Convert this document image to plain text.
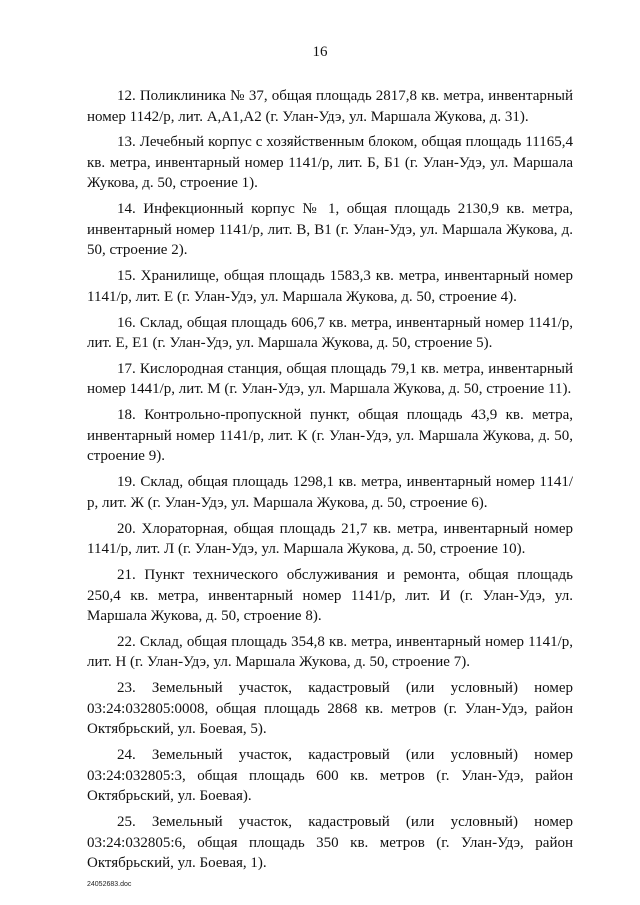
16

12. Поликлиника № 37, общая площадь 2817,8 кв. метра, инвентарный номер 1142/р, лит. А,А1,А2 (г. Улан-Удэ, ул. Маршала Жукова, д. 31).

13. Лечебный корпус с хозяйственным блоком, общая площадь 11165,4 кв. метра, инвентарный номер 1141/р, лит. Б, Б1 (г. Улан-Удэ, ул. Маршала Жукова, д. 50, строение 1).

14. Инфекционный корпус № 1, общая площадь 2130,9 кв. метра, инвентарный номер 1141/р, лит. В, В1 (г. Улан-Удэ, ул. Маршала Жукова, д. 50, строение 2).

15. Хранилище, общая площадь 1583,3 кв. метра, инвентарный номер 1141/р, лит. Е (г. Улан-Удэ, ул. Маршала Жукова, д. 50, строение 4).

16. Склад, общая площадь 606,7 кв. метра, инвентарный номер 1141/р, лит. Е, Е1 (г. Улан-Удэ, ул. Маршала Жукова, д. 50, строение 5).

17. Кислородная станция, общая площадь 79,1 кв. метра, инвентарный номер 1441/р, лит. М (г. Улан-Удэ, ул. Маршала Жукова, д. 50, строение 11).

18. Контрольно-пропускной пункт, общая площадь 43,9 кв. метра, инвентарный номер 1141/р, лит. К (г. Улан-Удэ, ул. Маршала Жукова, д. 50, строение 9).

19. Склад, общая площадь 1298,1 кв. метра, инвентарный номер 1141/р, лит. Ж (г. Улан-Удэ, ул. Маршала Жукова, д. 50, строение 6).

20. Хлораторная, общая площадь 21,7 кв. метра, инвентарный номер 1141/р, лит. Л (г. Улан-Удэ, ул. Маршала Жукова, д. 50, строение 10).

21. Пункт технического обслуживания и ремонта, общая площадь 250,4 кв. метра, инвентарный номер 1141/р, лит. И (г. Улан-Удэ, ул. Маршала Жукова, д. 50, строение 8).

22. Склад, общая площадь 354,8 кв. метра, инвентарный номер 1141/р, лит. Н (г. Улан-Удэ, ул. Маршала Жукова, д. 50, строение 7).

23. Земельный участок, кадастровый (или условный) номер 03:24:032805:0008, общая площадь 2868 кв. метров (г. Улан-Удэ, район Октябрьский, ул. Боевая, 5).

24. Земельный участок, кадастровый (или условный) номер 03:24:032805:3, общая площадь 600 кв. метров (г. Улан-Удэ, район Октябрьский, ул. Боевая).

25. Земельный участок, кадастровый (или условный) номер 03:24:032805:6, общая площадь 350 кв. метров (г. Улан-Удэ, район Октябрьский, ул. Боевая, 1).

24052683.doc
